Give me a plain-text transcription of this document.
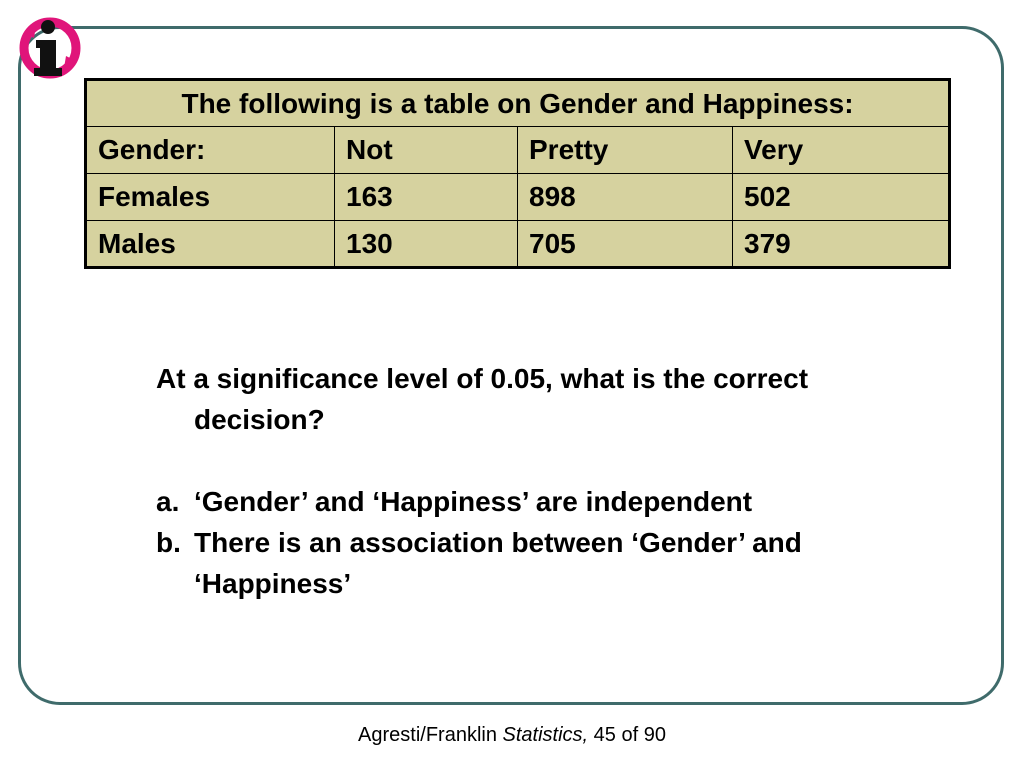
The following is a table on Gender and Happiness:			
Gender:	Not	Pretty	Very
Females	163	898	502
Males	130	705	379
At a significance level of 0.05, what is the correct decision?
a. ‘Gender’ and ‘Happiness’ are independent
b. There is an association between ‘Gender’ and ‘Happiness’
Agresti/Franklin Statistics, 45 of 90
